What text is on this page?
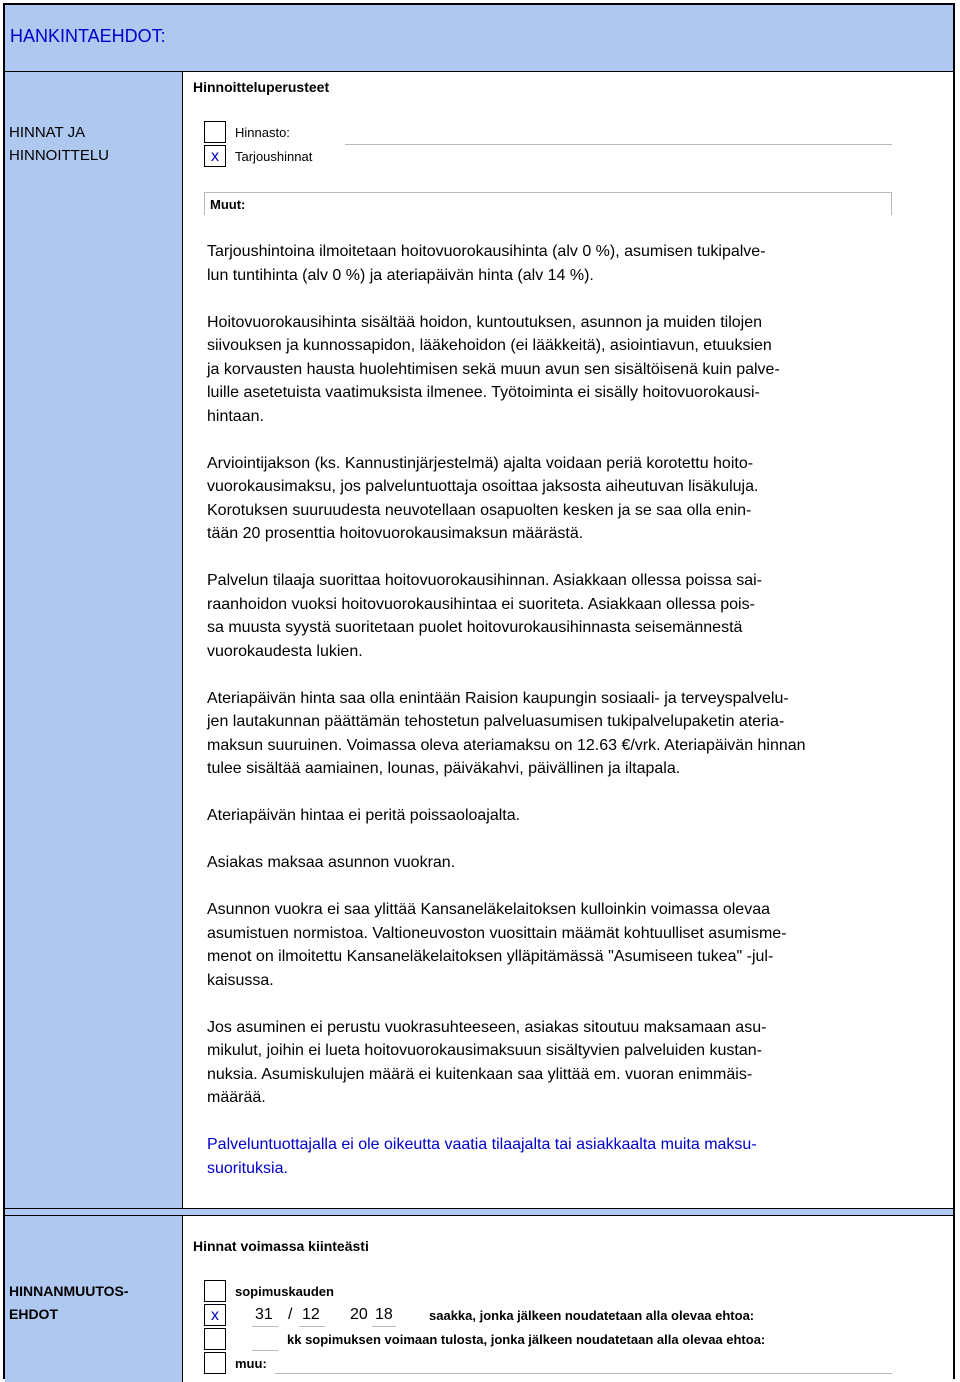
HANKINTAEHDOT:
HINNAT JA
HINNOITTELU
Hinnoitteluperusteet
x
Hinnasto:
Tarjoushinnat
Muut:

Tarjoushintoina ilmoitetaan hoitovuorokausihinta (alv 0 %), asumisen tukipalve-
lun tuntihinta (alv 0 %) ja ateriapäivän hinta (alv 14 %).

Hoitovuorokausihinta sisältää hoidon, kuntoutuksen, asunnon ja muiden tilojen
siivouksen ja kunnossapidon, lääkehoidon (ei lääkkeitä), asiointiavun, etuuksien
ja korvausten hausta huolehtimisen sekä muun avun sen sisältöisenä kuin palve-
luille asetetuista vaatimuksista ilmenee. Työtoiminta ei sisälly hoitovuorokausi-
hintaan.

Arviointijakson (ks. Kannustinjärjestelmä) ajalta voidaan periä korotettu hoito-
vuorokausimaksu, jos palveluntuottaja osoittaa jaksosta aiheutuvan lisäkuluja.
Korotuksen suuruudesta neuvotellaan osapuolten kesken ja se saa olla enin-
tään 20 prosenttia hoitovuorokausimaksun määrästä.

Palvelun tilaaja suorittaa hoitovuorokausihinnan. Asiakkaan ollessa poissa sai-
raanhoidon vuoksi hoitovuorokausihintaa ei suoriteta. Asiakkaan ollessa pois-
sa muusta syystä suoritetaan puolet hoitovurokausihinnasta seisemännestä
vuorokaudesta lukien.

Ateriapäivän hinta saa olla enintään Raision kaupungin sosiaali- ja terveyspalvelu-
jen lautakunnan päättämän tehostetun palveluasumisen tukipalvelupaketin ateria-
maksun suuruinen. Voimassa oleva ateriamaksu on 12.63 €/vrk. Ateriapäivän hinnan
tulee sisältää aamiainen, lounas, päiväkahvi, päivällinen ja iltapala.

Ateriapäivän hintaa ei peritä poissaoloajalta.

Asiakas maksaa asunnon vuokran.

Asunnon vuokra ei saa ylittää Kansaneläkelaitoksen kulloinkin voimassa olevaa
asumistuen normistoa. Valtioneuvoston vuosittain määmät kohtuulliset asumisme-
menot on ilmoitettu Kansaneläkelaitoksen ylläpitämässä "Asumiseen tukea" -jul-
kaisussa.

Jos asuminen ei perustu vuokrasuhteeseen, asiakas sitoutuu maksamaan asu-
mikulut, joihin ei lueta hoitovuorokausimaksuun sisältyvien palveluiden kustan-
nuksia. Asumiskulujen määrä ei kuitenkaan saa ylittää em. vuoran enimmäis-
määrää.

Palveluntuottajalla ei ole oikeutta vaatia tilaajalta tai asiakkaalta muita maksu-
suorituksia.

HINNANMUUTOS-
EHDOT
Hinnat voimassa kiinteästi
x
sopimuskauden
31 / 12 20 18	saakka, jonka jälkeen noudatetaan alla olevaa ehtoa:
kk sopimuksen voimaan tulosta, jonka jälkeen noudatetaan alla olevaa ehtoa:
muu:
